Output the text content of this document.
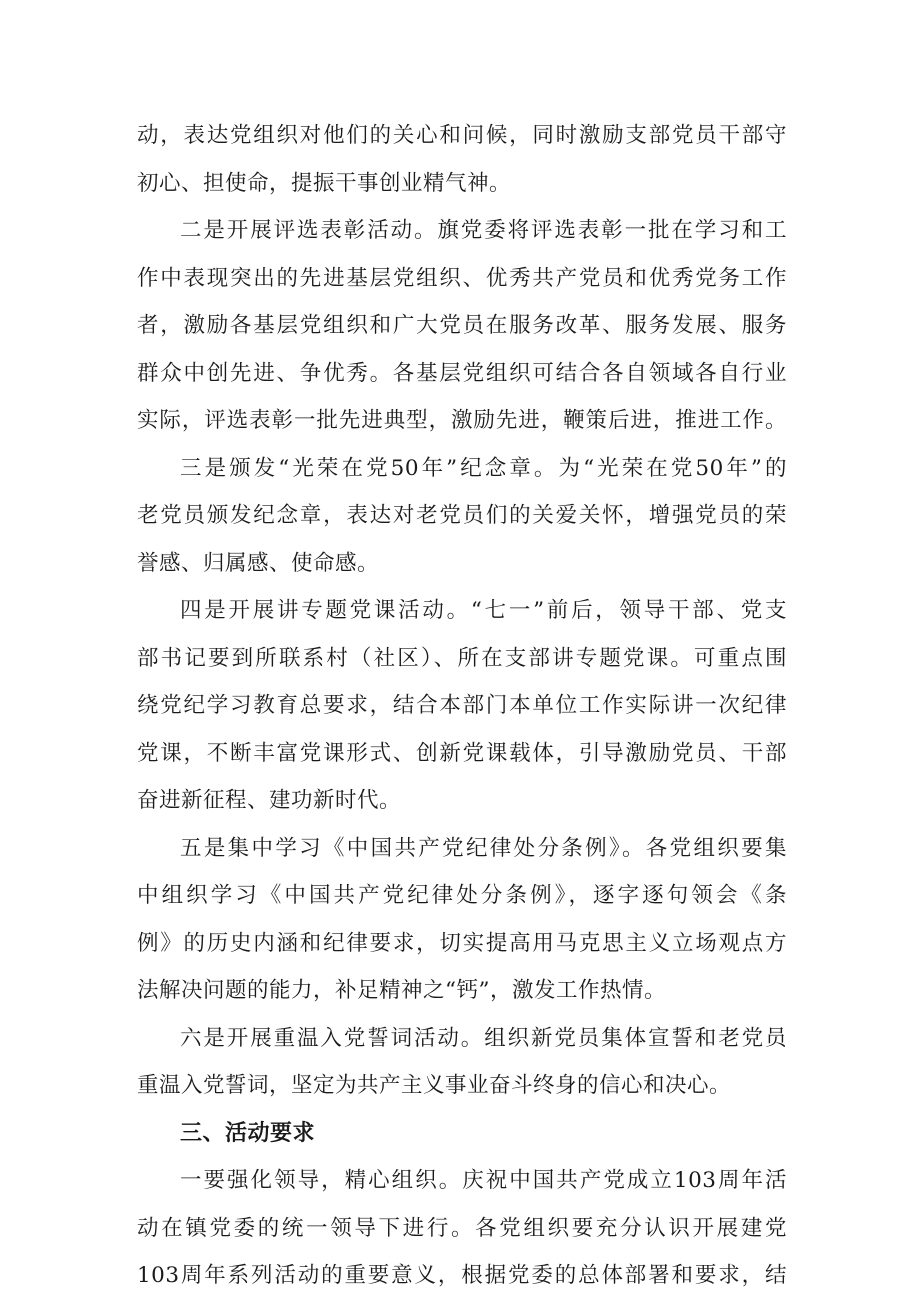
动，表达党组织对他们的关心和问候，同时激励支部党员干部守
初心、担使命，提振干事创业精气神。
二是开展评选表彰活动。旗党委将评选表彰一批在学习和工
作中表现突出的先进基层党组织、优秀共产党员和优秀党务工作
者，激励各基层党组织和广大党员在服务改革、服务发展、服务
群众中创先进、争优秀。各基层党组织可结合各自领域各自行业
实际，评选表彰一批先进典型，激励先进，鞭策后进，推进工作。
三是颁发“光荣在党50年”纪念章。为“光荣在党50年”的
老党员颁发纪念章，表达对老党员们的关爱关怀，增强党员的荣
誉感、归属感、使命感。
四是开展讲专题党课活动。“七一”前后，领导干部、党支
部书记要到所联系村（社区）、所在支部讲专题党课。可重点围
绕党纪学习教育总要求，结合本部门本单位工作实际讲一次纪律
党课，不断丰富党课形式、创新党课载体，引导激励党员、干部
奋进新征程、建功新时代。
五是集中学习《中国共产党纪律处分条例》。各党组织要集
中组织学习《中国共产党纪律处分条例》，逐字逐句领会《条
例》的历史内涵和纪律要求，切实提高用马克思主义立场观点方
法解决问题的能力，补足精神之“钙”，激发工作热情。
六是开展重温入党誓词活动。组织新党员集体宣誓和老党员
重温入党誓词，坚定为共产主义事业奋斗终身的信心和决心。
三、活动要求
一要强化领导，精心组织。庆祝中国共产党成立103周年活
动在镇党委的统一领导下进行。各党组织要充分认识开展建党
103周年系列活动的重要意义，根据党委的总体部署和要求，结
